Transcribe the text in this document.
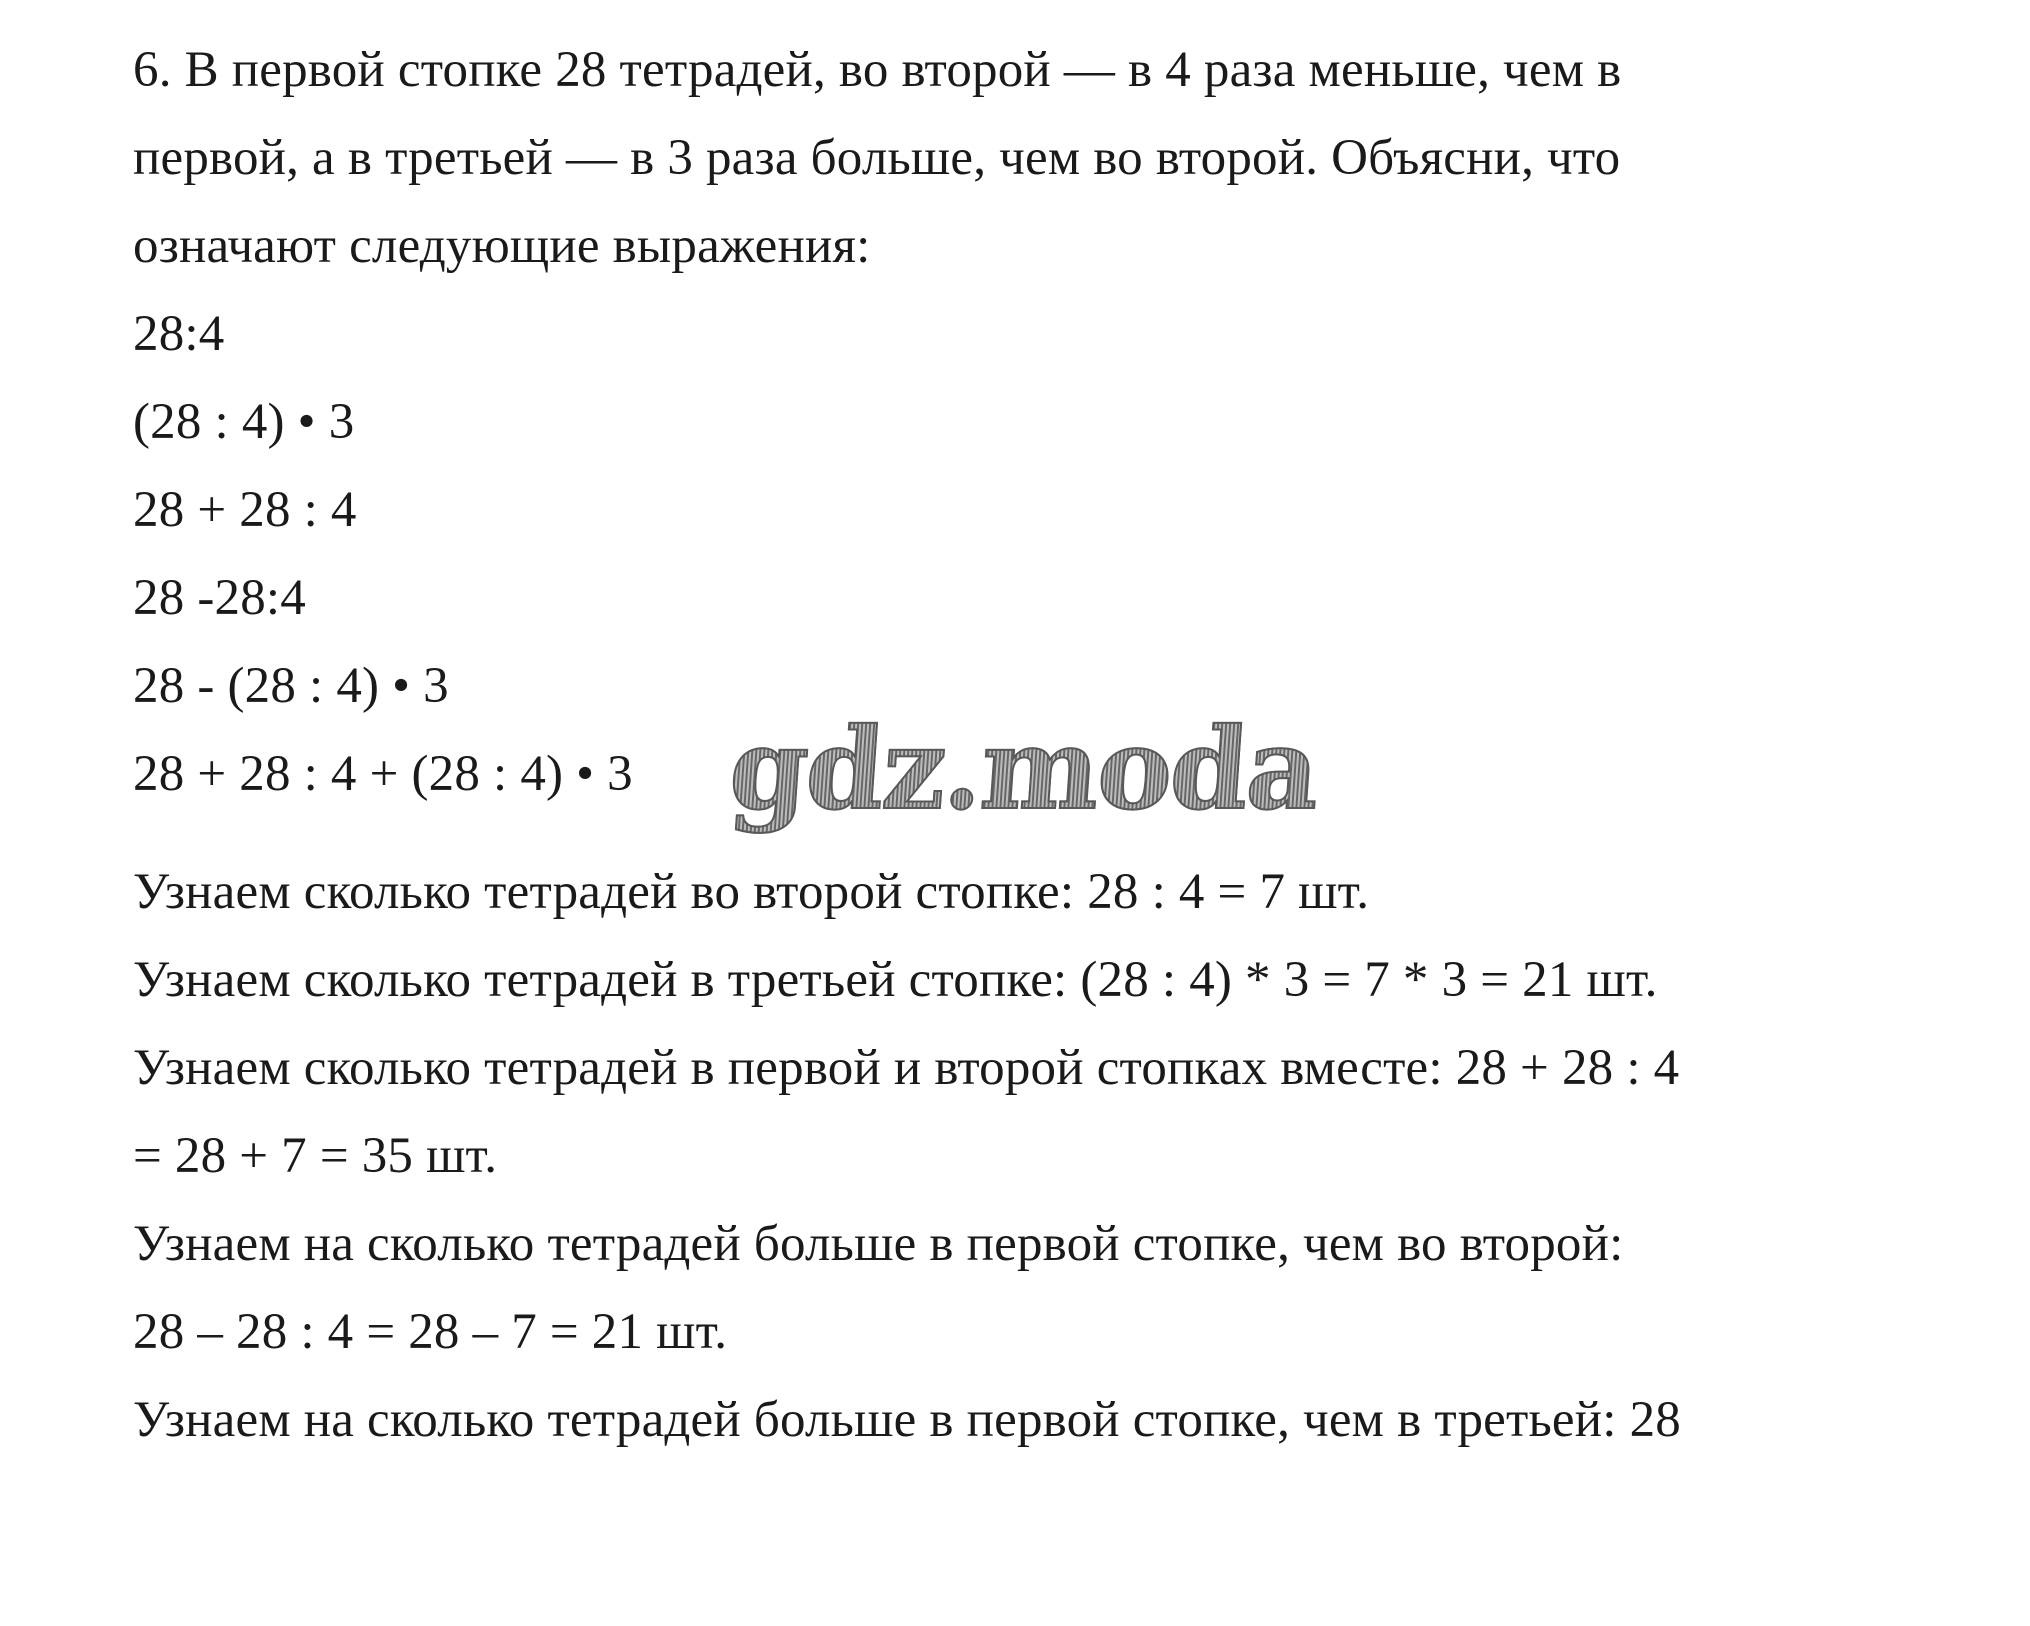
6. В первой стопке 28 тетрадей, во второй — в 4 раза меньше, чем в
первой, а в третьей — в 3 раза больше, чем во второй. Объясни, что
означают следующие выражения:
28:4
(28 : 4) • 3
28 + 28 : 4
28 -28:4
28 - (28 : 4) • 3
28 + 28 : 4 + (28 : 4) • 3 gdz.moda
Узнаем сколько тетрадей во второй стопке: 28 : 4 = 7 шт.
Узнаем сколько тетрадей в третьей стопке: (28 : 4) * 3 = 7 * 3 = 21 шт.
Узнаем сколько тетрадей в первой и второй стопках вместе: 28 + 28 : 4
= 28 + 7 = 35 шт.
Узнаем на сколько тетрадей больше в первой стопке, чем во второй:
28 – 28 : 4 = 28 – 7 = 21 шт.
Узнаем на сколько тетрадей больше в первой стопке, чем в третьей: 28
